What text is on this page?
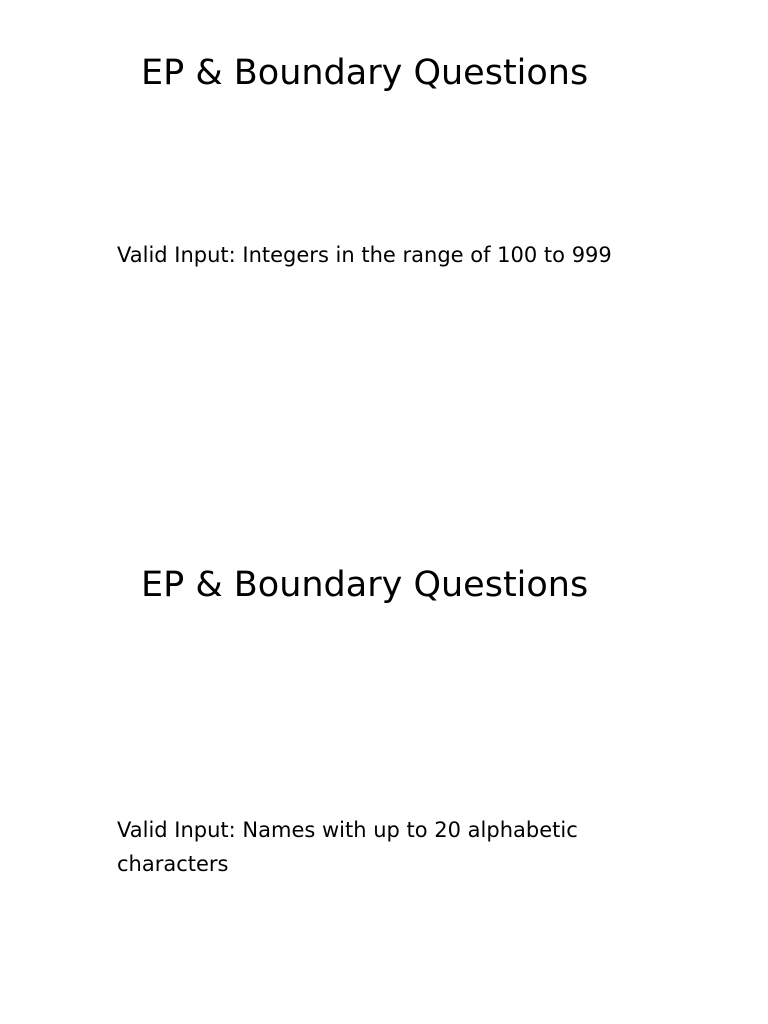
EP & Boundary Questions

Valid Input: Integers in the range of 100 to 999

EP & Boundary Questions

Valid Input: Names with up to 20 alphabetic characters
